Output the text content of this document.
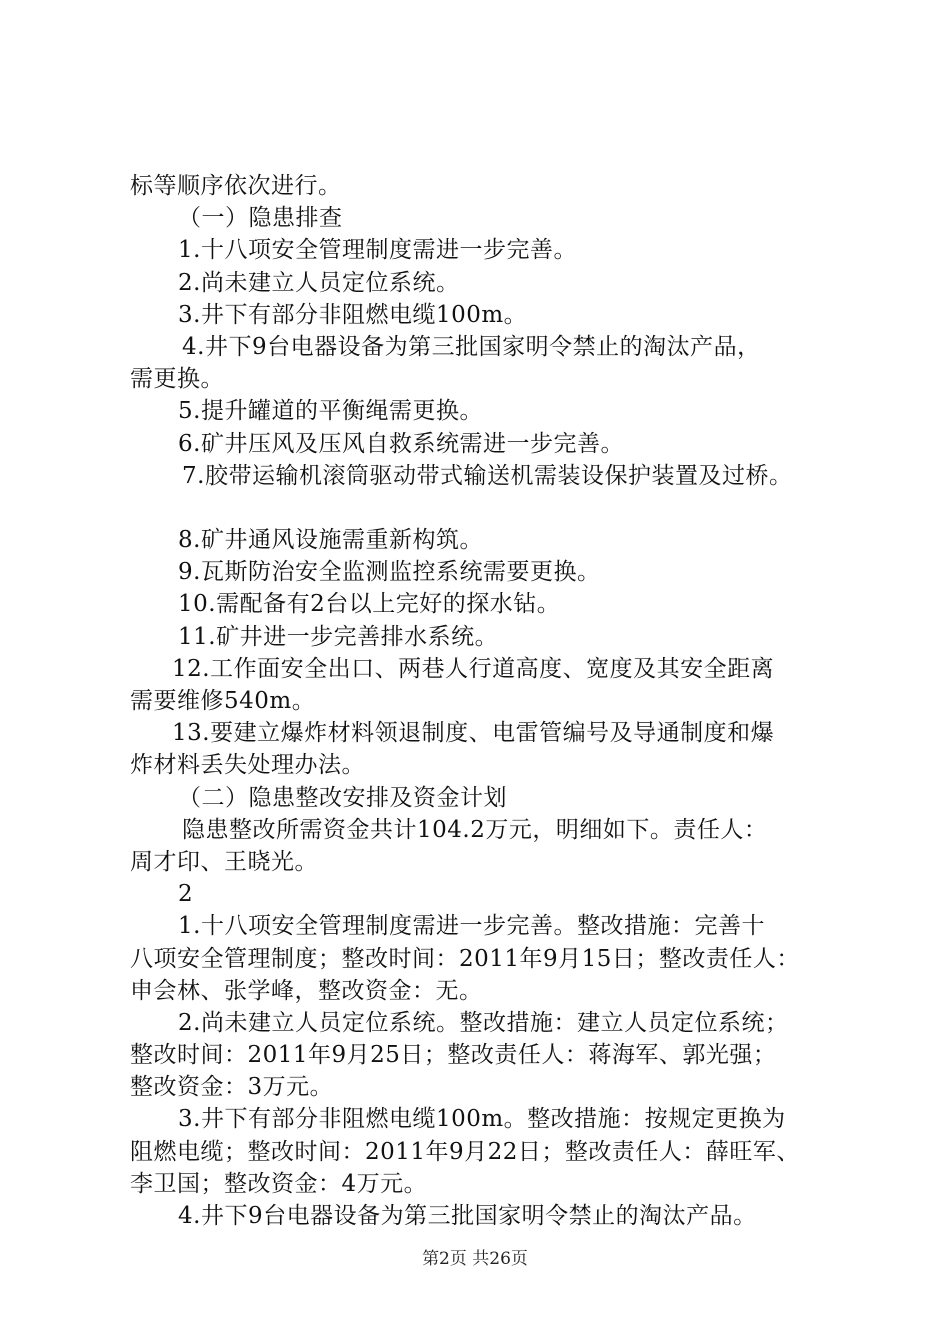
标等顺序依次进行。
（一）隐患排查
1.十八项安全管理制度需进一步完善。
2.尚未建立人员定位系统。
3.井下有部分非阻燃电缆100m。
4.井下9台电器设备为第三批国家明令禁止的淘汰产品，
需更换。
5.提升罐道的平衡绳需更换。
6.矿井压风及压风自救系统需进一步完善。
7.胶带运输机滚筒驱动带式输送机需装设保护装置及过桥。
8.矿井通风设施需重新构筑。
9.瓦斯防治安全监测监控系统需要更换。
10.需配备有2台以上完好的探水钻。
11.矿井进一步完善排水系统。
12.工作面安全出口、两巷人行道高度、宽度及其安全距离
需要维修540m。
13.要建立爆炸材料领退制度、电雷管编号及导通制度和爆
炸材料丢失处理办法。
（二）隐患整改安排及资金计划
隐患整改所需资金共计104.2万元，明细如下。责任人：
周才印、王晓光。
2
1.十八项安全管理制度需进一步完善。整改措施：完善十
八项安全管理制度；整改时间：2011年9月15日；整改责任人：
申会林、张学峰，整改资金：无。
2.尚未建立人员定位系统。整改措施：建立人员定位系统；
整改时间：2011年9月25日；整改责任人：蒋海军、郭光强；
整改资金：3万元。
3.井下有部分非阻燃电缆100m。整改措施：按规定更换为
阻燃电缆；整改时间：2011年9月22日；整改责任人：薛旺军、
李卫国；整改资金：4万元。
4.井下9台电器设备为第三批国家明令禁止的淘汰产品。
第2页 共26页
